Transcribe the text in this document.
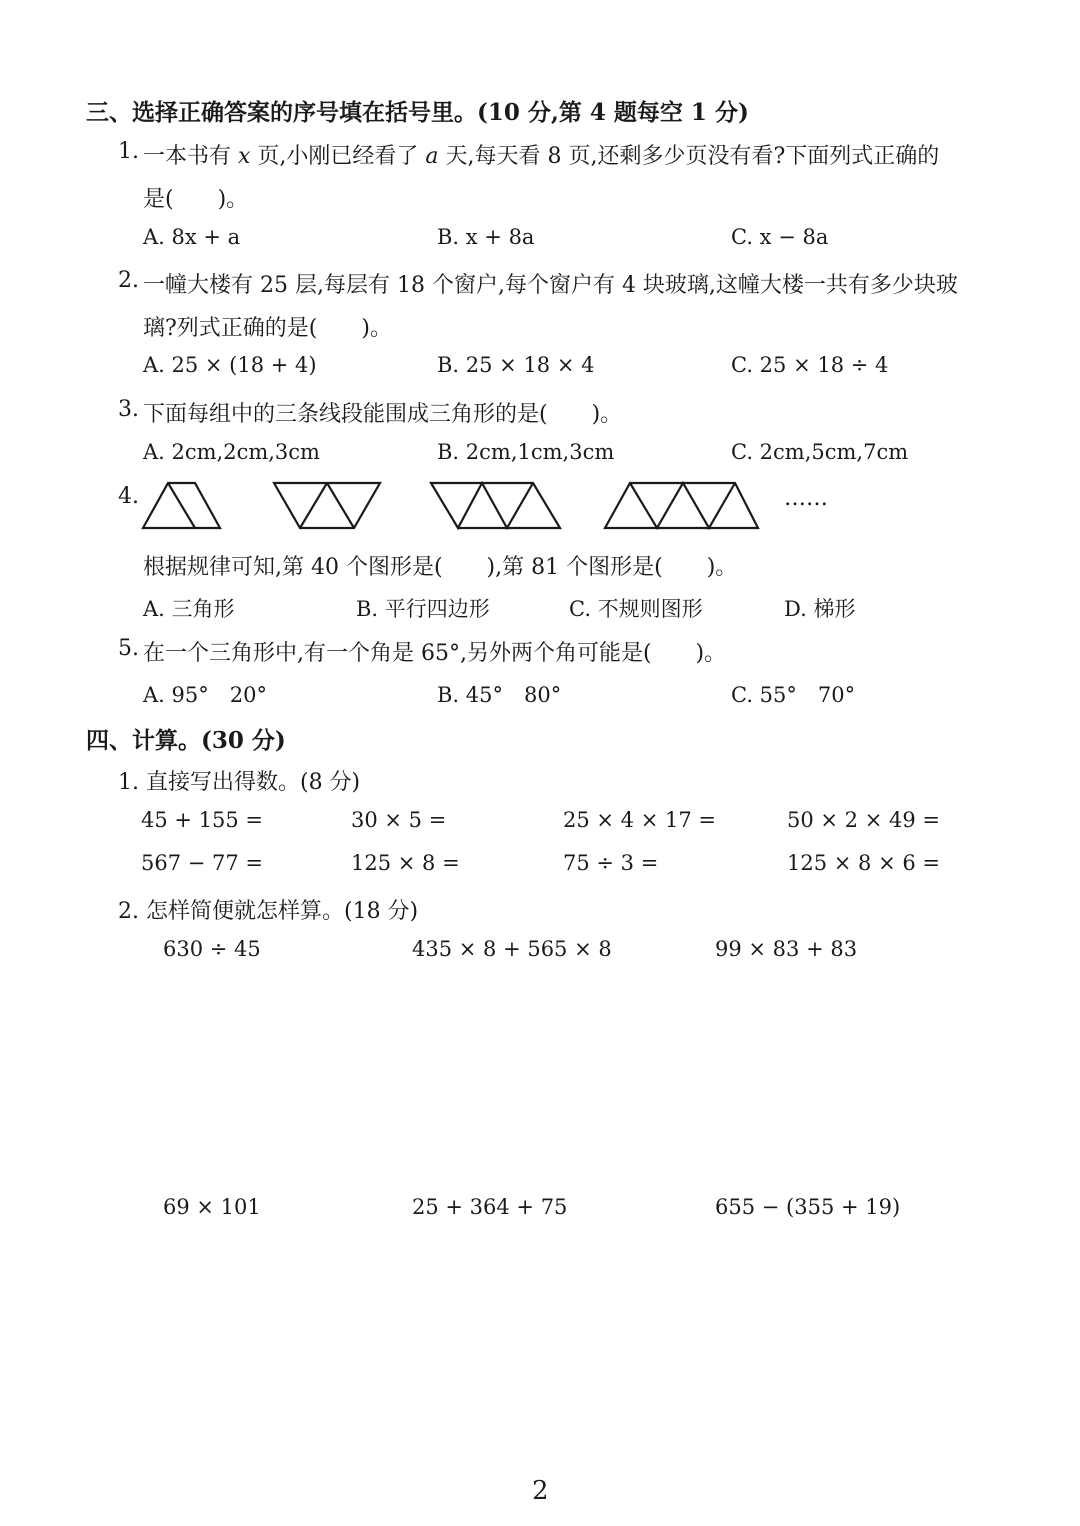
三、选择正确答案的序号填在括号里。(10 分,第 4 题每空 1 分)
1. 一本书有 x 页,小刚已经看了 a 天,每天看 8 页,还剩多少页没有看?下面列式正确的
是(　　)。
A. 8x + a	B. x + 8a	C. x − 8a
2. 一幢大楼有 25 层,每层有 18 个窗户,每个窗户有 4 块玻璃,这幢大楼一共有多少块玻
璃?列式正确的是(　　)。
A. 25 × (18 + 4)	B. 25 × 18 × 4	C. 25 × 18 ÷ 4
3. 下面每组中的三条线段能围成三角形的是(　　)。
A. 2cm,2cm,3cm	B. 2cm,1cm,3cm	C. 2cm,5cm,7cm
4.	……
根据规律可知,第 40 个图形是(　　),第 81 个图形是(　　)。
A. 三角形	B. 平行四边形	C. 不规则图形	D. 梯形
5. 在一个三角形中,有一个角是 65°,另外两个角可能是(　　)。
A. 95°　20°	B. 45°　80°	C. 55°　70°
四、计算。(30 分)
1. 直接写出得数。(8 分)
45 + 155 =	30 × 5 =	25 × 4 × 17 =	50 × 2 × 49 =
567 − 77 =	125 × 8 =	75 ÷ 3 =	125 × 8 × 6 =
2. 怎样简便就怎样算。(18 分)
630 ÷ 45	435 × 8 + 565 × 8	99 × 83 + 83
69 × 101	25 + 364 + 75	655 − (355 + 19)
2
